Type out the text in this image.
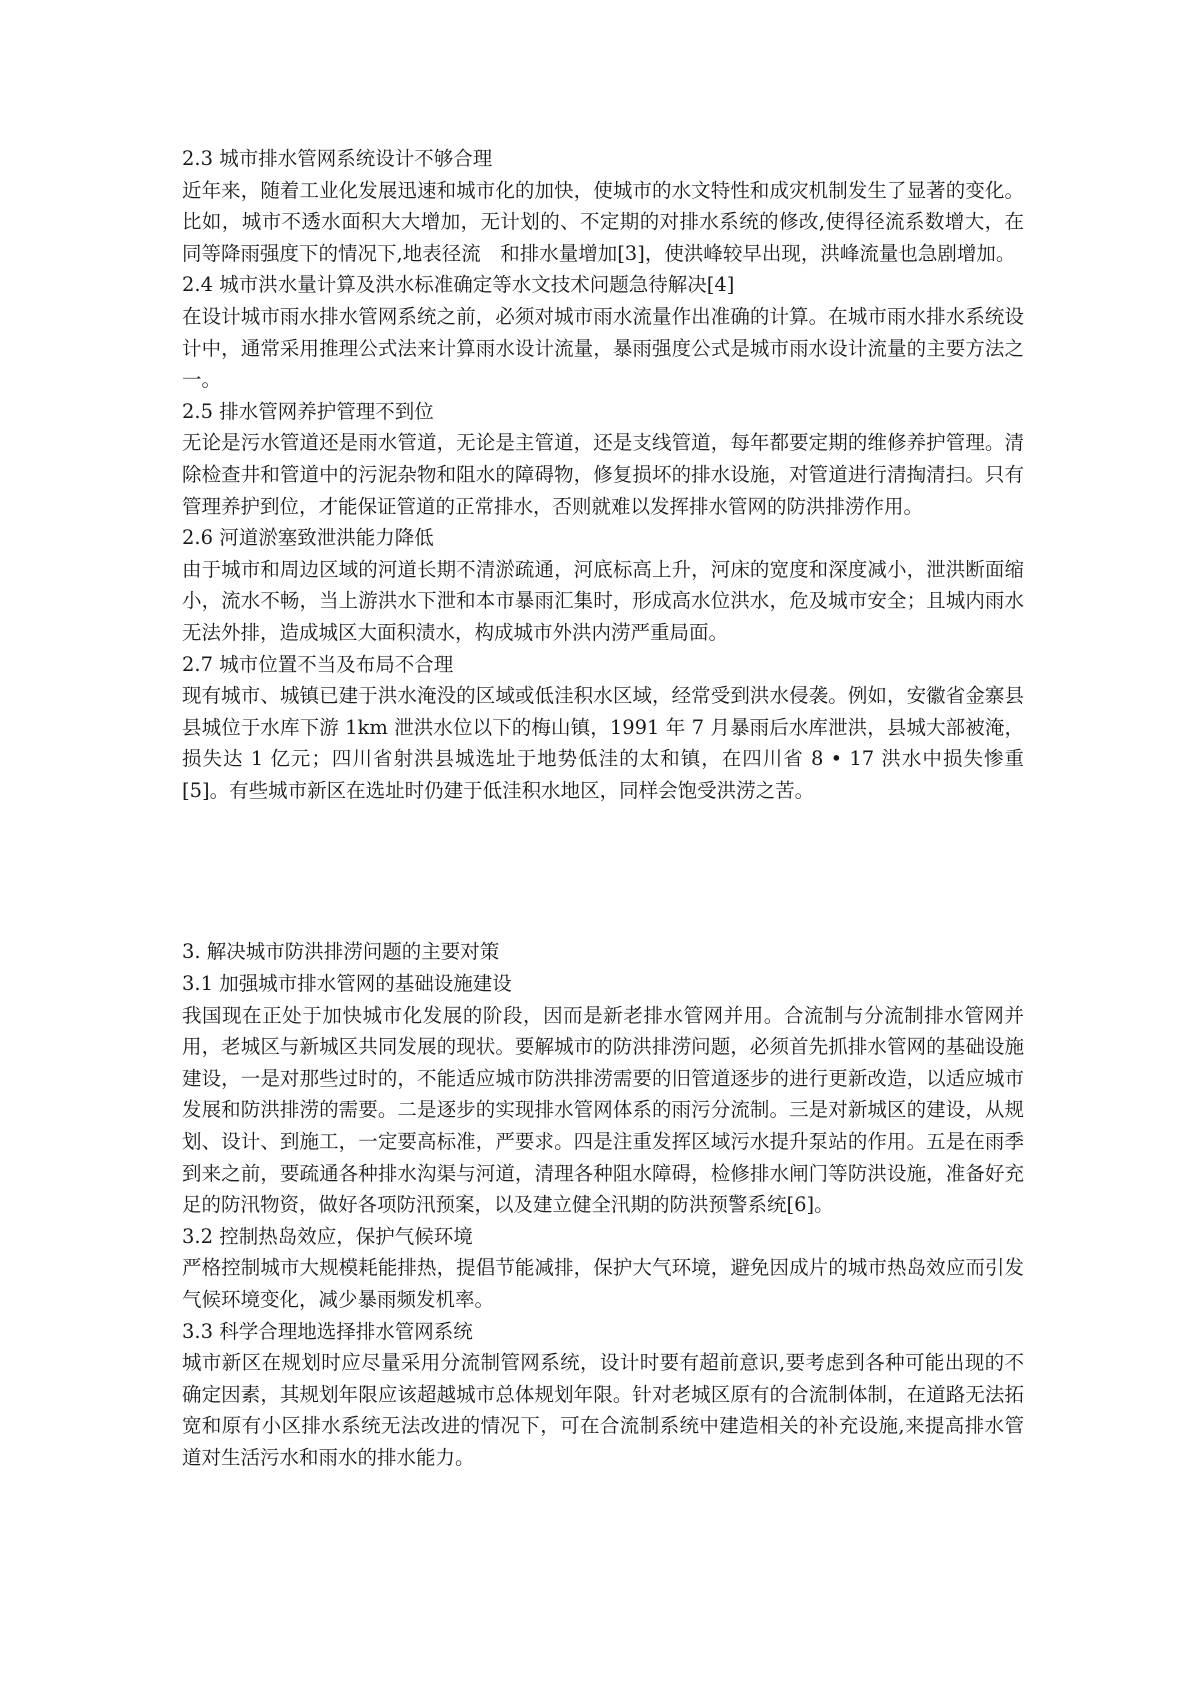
2.3 城市排水管网系统设计不够合理

近年来，随着工业化发展迅速和城市化的加快，使城市的水文特性和成灾机制发生了显著的变化。比如，城市不透水面积大大增加，无计划的、不定期的对排水系统的修改,使得径流系数增大，在同等降雨强度下的情况下,地表径流　和排水量增加[3]，使洪峰较早出现，洪峰流量也急剧增加。

2.4 城市洪水量计算及洪水标准确定等水文技术问题急待解决[4]

在设计城市雨水排水管网系统之前，必须对城市雨水流量作出准确的计算。在城市雨水排水系统设计中，通常采用推理公式法来计算雨水设计流量，暴雨强度公式是城市雨水设计流量的主要方法之一。

2.5 排水管网养护管理不到位

无论是污水管道还是雨水管道，无论是主管道，还是支线管道，每年都要定期的维修养护管理。清除检查井和管道中的污泥杂物和阻水的障碍物，修复损坏的排水设施，对管道进行清掏清扫。只有管理养护到位，才能保证管道的正常排水，否则就难以发挥排水管网的防洪排涝作用。

2.6 河道淤塞致泄洪能力降低

由于城市和周边区域的河道长期不清淤疏通，河底标高上升，河床的宽度和深度减小，泄洪断面缩小，流水不畅，当上游洪水下泄和本市暴雨汇集时，形成高水位洪水，危及城市安全；且城内雨水无法外排，造成城区大面积渍水，构成城市外洪内涝严重局面。

2.7 城市位置不当及布局不合理

现有城市、城镇已建于洪水淹没的区域或低洼积水区域，经常受到洪水侵袭。例如，安徽省金寨县县城位于水库下游 1km 泄洪水位以下的梅山镇，1991 年 7 月暴雨后水库泄洪，县城大部被淹，损失达 1 亿元；四川省射洪县城选址于地势低洼的太和镇，在四川省 8 • 17 洪水中损失惨重[5]。有些城市新区在选址时仍建于低洼积水地区，同样会饱受洪涝之苦。

3. 解决城市防洪排涝问题的主要对策

3.1 加强城市排水管网的基础设施建设

我国现在正处于加快城市化发展的阶段，因而是新老排水管网并用。合流制与分流制排水管网并用，老城区与新城区共同发展的现状。要解城市的防洪排涝问题，必须首先抓排水管网的基础设施建设，一是对那些过时的，不能适应城市防洪排涝需要的旧管道逐步的进行更新改造，以适应城市发展和防洪排涝的需要。二是逐步的实现排水管网体系的雨污分流制。三是对新城区的建设，从规划、设计、到施工，一定要高标准，严要求。四是注重发挥区域污水提升泵站的作用。五是在雨季到来之前，要疏通各种排水沟渠与河道，清理各种阻水障碍，检修排水闸门等防洪设施，准备好充足的防汛物资，做好各项防汛预案，以及建立健全汛期的防洪预警系统[6]。

3.2 控制热岛效应，保护气候环境

严格控制城市大规模耗能排热，提倡节能减排，保护大气环境，避免因成片的城市热岛效应而引发气候环境变化，减少暴雨频发机率。

3.3 科学合理地选择排水管网系统

城市新区在规划时应尽量采用分流制管网系统，设计时要有超前意识,要考虑到各种可能出现的不确定因素，其规划年限应该超越城市总体规划年限。针对老城区原有的合流制体制，在道路无法拓宽和原有小区排水系统无法改进的情况下，可在合流制系统中建造相关的补充设施,来提高排水管道对生活污水和雨水的排水能力。
